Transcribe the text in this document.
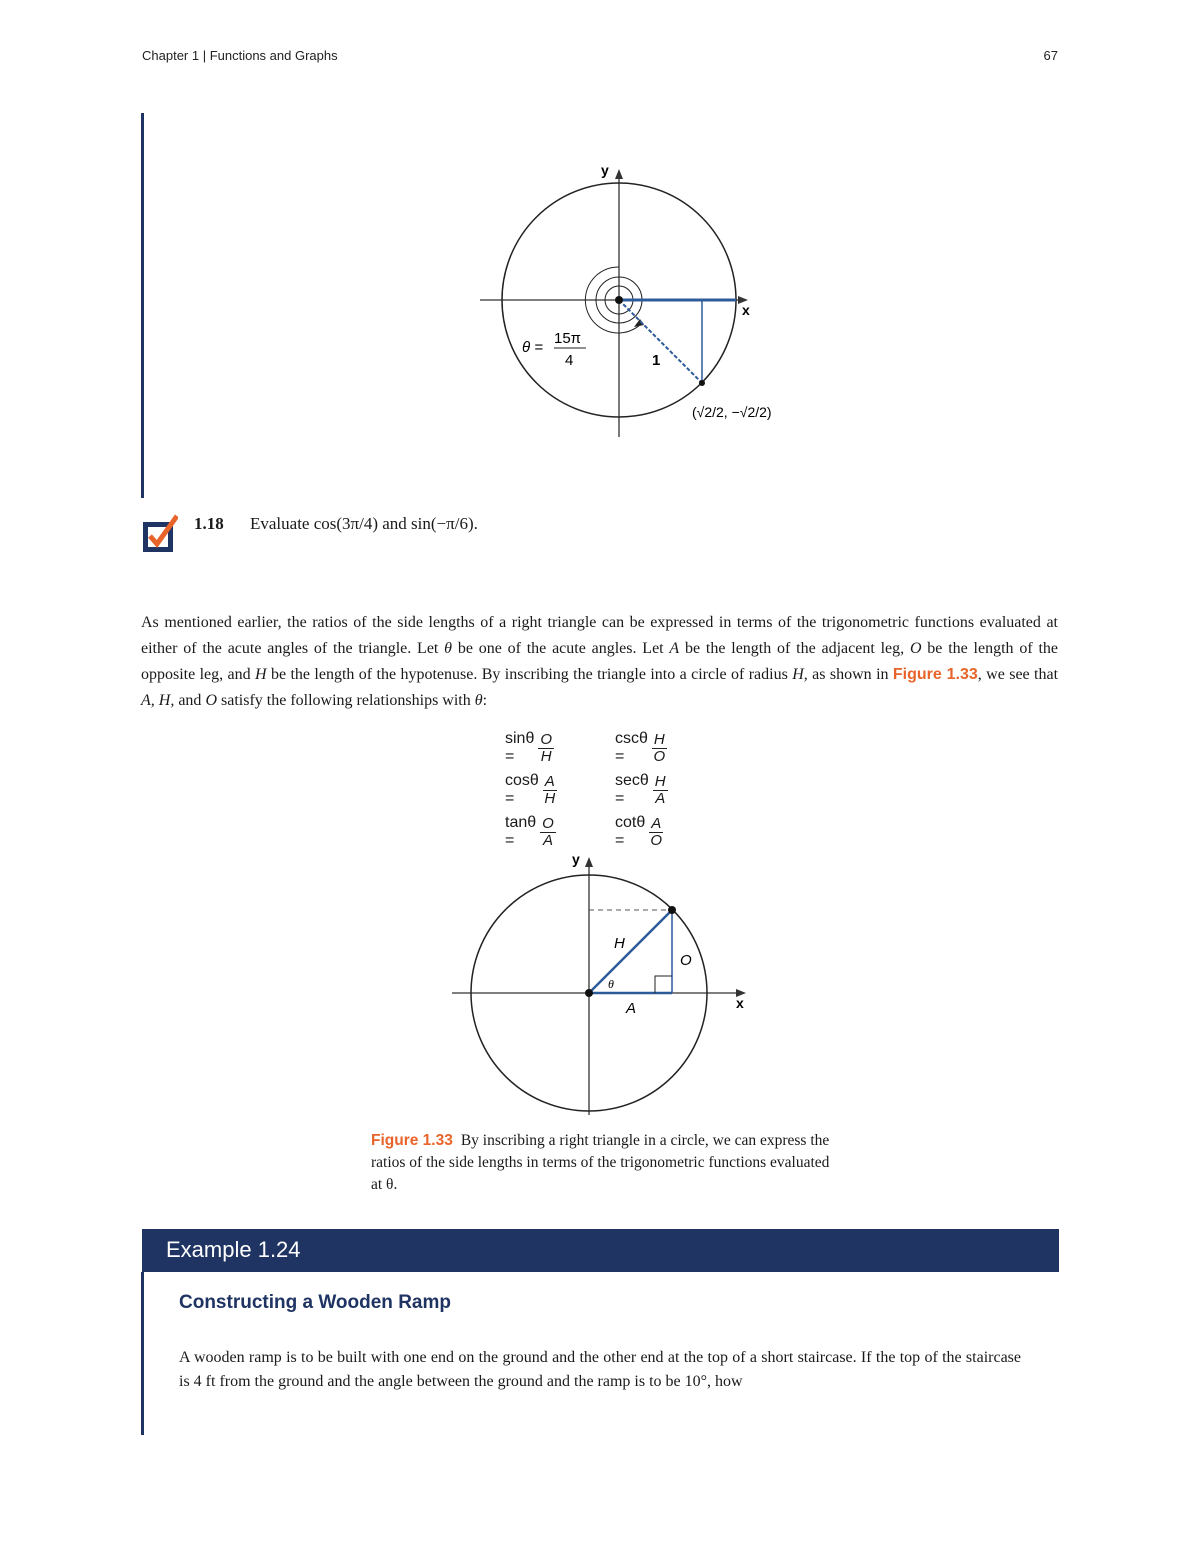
Chapter 1 | Functions and Graphs	67
y
x
θ =
15π
4	1
(√2/2, −√2/2)
1.18 Evaluate cos(3π/4) and sin(−π/6).
As mentioned earlier, the ratios of the side lengths of a right triangle can be expressed in terms of the trigonometric functions evaluated at either of the acute angles of the triangle. Let θ be one of the acute angles. Let A be the length of the adjacent leg, O be the length of the opposite leg, and H be the length of the hypotenuse. By inscribing the triangle into a circle of radius H, as shown in Figure 1.33, we see that A, H, and O satisfy the following relationships with θ:
sinθ =	$\frac{O}{H}$	cscθ =	$\frac{H}{O}$
cosθ =	$\frac{A}{H}$	secθ =	$\frac{H}{A}$
tanθ =	$\frac{O}{A}$	cotθ =	$\frac{A}{O}$
y
x
H
O
A
θ
Figure 1.33 By inscribing a right triangle in a circle, we can express the ratios of the side lengths in terms of the trigonometric functions evaluated at θ.
Example 1.24
Constructing a Wooden Ramp
A wooden ramp is to be built with one end on the ground and the other end at the top of a short staircase. If the top of the staircase is 4 ft from the ground and the angle between the ground and the ramp is to be 10°, how
